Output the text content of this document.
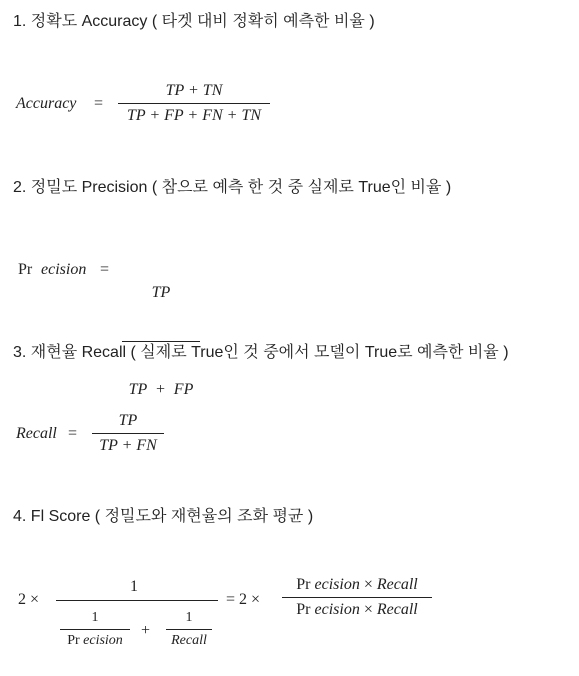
1. 정확도 Accuracy ( 타겟 대비 정확히 예측한 비율 )
Accuracy =
TP + TN
TP + FP + FN + TN
2. 정밀도 Precision ( 참으로 예측 한 것 중 실제로 True인 비율 )
Pr ecision =

TP

TP  +  FP

3. 재현율 Recall ( 실제로 True인 것 중에서 모델이 True로 예측한 비율 )
Recall =
TP
TP + FN
4. Fl Score ( 정밀도와 재현율의 조화 평균 )
2 ×
1
1
Pr ecision
+
1
Recall
= 2 ×
Pr ecision × Recall
Pr ecision × Recall
